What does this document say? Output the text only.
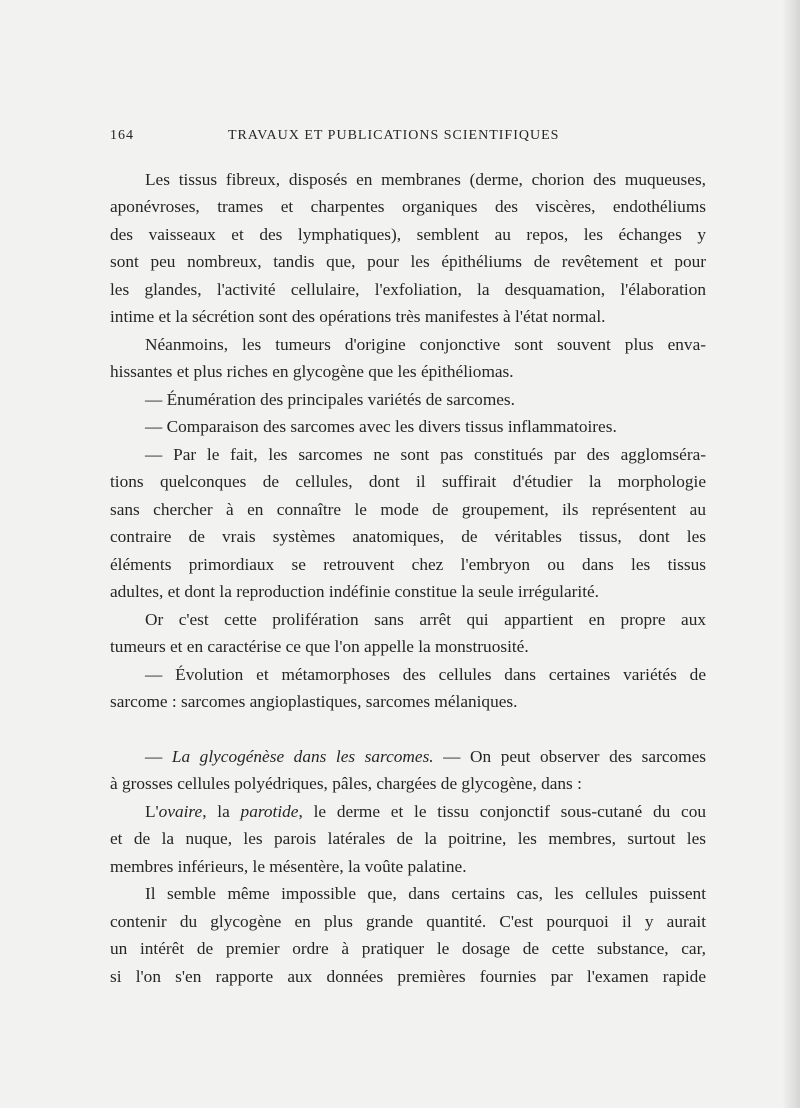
164	TRAVAUX ET PUBLICATIONS SCIENTIFIQUES
Les tissus fibreux, disposés en membranes (derme, chorion des muqueuses,
aponévroses, trames et charpentes organiques des viscères, endothéliums
des vaisseaux et des lymphatiques), semblent au repos, les échanges y
sont peu nombreux, tandis que, pour les épithéliums de revêtement et pour
les glandes, l'activité cellulaire, l'exfoliation, la desquamation, l'élaboration
intime et la sécrétion sont des opérations très manifestes à l'état normal.
Néanmoins, les tumeurs d'origine conjonctive sont souvent plus enva-
hissantes et plus riches en glycogène que les épithéliomas.
— Énumération des principales variétés de sarcomes.
— Comparaison des sarcomes avec les divers tissus inflammatoires.
— Par le fait, les sarcomes ne sont pas constitués par des agglomséra-
tions quelconques de cellules, dont il suffirait d'étudier la morphologie
sans chercher à en connaître le mode de groupement, ils représentent au
contraire de vrais systèmes anatomiques, de véritables tissus, dont les
éléments primordiaux se retrouvent chez l'embryon ou dans les tissus
adultes, et dont la reproduction indéfinie constitue la seule irrégularité.
Or c'est cette prolifération sans arrêt qui appartient en propre aux
tumeurs et en caractérise ce que l'on appelle la monstruosité.
— Évolution et métamorphoses des cellules dans certaines variétés de
sarcome : sarcomes angioplastiques, sarcomes mélaniques.
— La glycogénèse dans les sarcomes. — On peut observer des sarcomes
à grosses cellules polyédriques, pâles, chargées de glycogène, dans :
L'ovaire, la parotide, le derme et le tissu conjonctif sous-cutané du cou
et de la nuque, les parois latérales de la poitrine, les membres, surtout les
membres inférieurs, le mésentère, la voûte palatine.
Il semble même impossible que, dans certains cas, les cellules puissent
contenir du glycogène en plus grande quantité. C'est pourquoi il y aurait
un intérêt de premier ordre à pratiquer le dosage de cette substance, car,
si l'on s'en rapporte aux données premières fournies par l'examen rapide
